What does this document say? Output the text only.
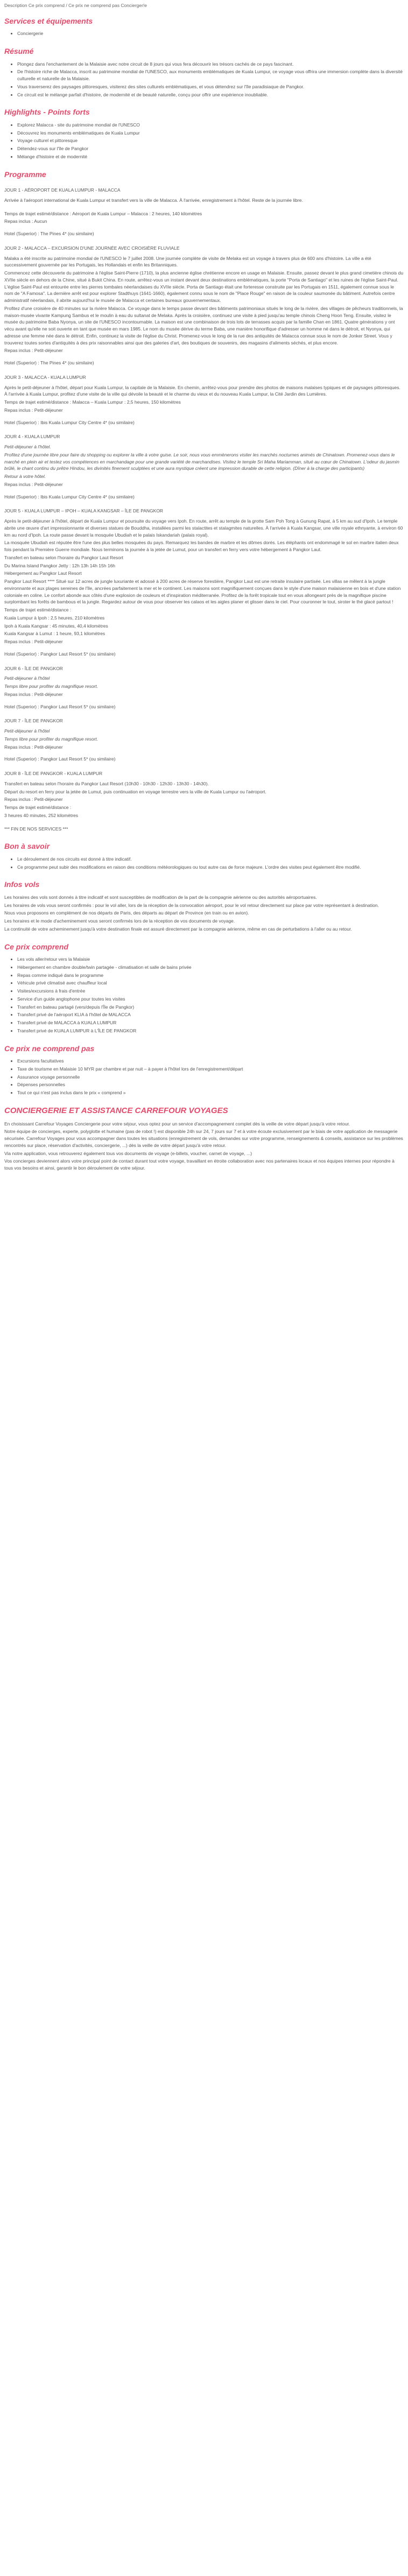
Description Ce prix comprend / Ce prix ne comprend pas Concierger!e

Services et équipements
• Conciergerie
Résumé
• Plongez dans l'enchantement de la Malaisie avec notre circuit de 8 jours qui vous fera découvrir les trésors cachés de ce pays fascinant.
• De l'histoire riche de Malacca, inscrit au patrimoine mondial de l'UNESCO, aux monuments emblématiques de Kuala Lumpur, ce voyage vous offrira une immersion complète dans la diversité culturelle et naturelle de la Malaisie.
• Vous traverserez des paysages pittoresques, visiterez des sites culturels emblématiques, et vous détendrez sur l'île paradisiaque de Pangkor.
• Ce circuit est le mélange parfait d'histoire, de modernité et de beauté naturelle, conçu pour offrir une expérience inoubliable.
Highlights - Points forts
• Explorez Malacca - site du patrimoine mondial de l'UNESCO
• Découvrez les monuments emblématiques de Kuala Lumpur
• Voyage culturel et pittoresque
• Détendez-vous sur l'île de Pangkor
• Mélange d'histoire et de modernité
Programme

JOUR 1 - AÉROPORT DE KUALA LUMPUR - MALACCA

Arrivée à l'aéroport international de Kuala Lumpur et transfert vers la ville de Malacca. À l'arrivée, enregistrement à l'hôtel. Reste de la journée libre.

Temps de trajet estimé/distance : Aéroport de Kuala Lumpur – Malacca : 2 heures, 140 kilomètres

Repas inclus : Aucun

Hotel (Superior) : The Pines 4* (ou similaire)

JOUR 2 - MALACCA – EXCURSION D'UNE JOURNÉE AVEC CROISIÈRE FLUVIALE

Malaka a été inscrite au patrimoine mondial de l'UNESCO le 7 juillet 2008. Une journée complète de visite de Melaka est un voyage à travers plus de 600 ans d'histoire. La ville a été successivement gouvernée par les Portugais, les Hollandais et enfin les Britanniques.

Commencez cette découverte du patrimoine à l'église Saint-Pierre (1710), la plus ancienne église chrétienne encore en usage en Malaisie. Ensuite, passez devant le plus grand cimetière chinois du XVIIe siècle en dehors de la Chine, situé à Bukit China. En route, arrêtez-vous un instant devant deux destinations emblématiques, la porte "Porta de Santiago" et les ruines de l'église Saint-Paul. L'église Saint-Paul est entourée entre les pierres tombales néerlandaises du XVIIe siècle. Porta de Santiago était une forteresse construite par les Portugais en 1511, également connue sous le nom de "A Famosa". La dernière arrêt est pour explorer Stadthuys (1641-1660), également connu sous le nom de "Place Rouge" en raison de la couleur saumonée du bâtiment. Autrefois centre administratif néerlandais, il abrite aujourd'hui le musée de Malacca et certaines bureaux gouvernementaux.

Profitez d'une croisière de 40 minutes sur la rivière Malacca. Ce voyage dans le temps passe devant des bâtiments patrimoniaux situés le long de la rivière, des villages de pêcheurs traditionnels, la maison-musée vivante Kampung Sambus et le moulin à eau du sultanat de Melaka. Après la croisière, continuez une visite à pied jusqu'au temple chinois Cheng Hoon Teng. Ensuite, visitez le musée du patrimoine Baba Nyonya, un site de l'UNESCO incontournable. La maison est une combinaison de trois lots de terrasses acquis par la famille Chan en 1861. Quatre générations y ont vécu avant qu'elle ne soit ouverte en tant que musée en mars 1985. Le nom du musée dérive du terme Baba, une manière honorifique d'adresser un homme né dans le détroit, et Nyonya, qui adresse une femme née dans le détroit. Enfin, continuez la visite de l'église du Christ. Promenez-vous le long de la rue des antiquités de Malacca connue sous le nom de Jonker Street. Vous y trouverez toutes sortes d'antiquités à des prix raisonnables ainsi que des galeries d'art, des boutiques de souvenirs, des magasins d'aliments séchés, et plus encore.

Repas inclus : Petit-déjeuner

Hotel (Superior) : The Pines 4* (ou similaire)

JOUR 3 - MALACCA - KUALA LUMPUR

Après le petit-déjeuner à l'hôtel, départ pour Kuala Lumpur, la capitale de la Malaisie. En chemin, arrêtez-vous pour prendre des photos de maisons malaises typiques et de paysages pittoresques. À l'arrivée à Kuala Lumpur, profitez d'une visite de la ville qui dévoile la beauté et le charme du vieux et du nouveau Kuala Lumpur, la Cité Jardin des Lumières.

Temps de trajet estimé/distance : Malacca – Kuala Lumpur : 2,5 heures, 150 kilomètres

Repas inclus : Petit-déjeuner

Hotel (Superior) : Ibis Kuala Lumpur City Centre 4* (ou similaire)

JOUR 4 - KUALA LUMPUR

Petit-déjeuner à l'hôtel.

Profitez d'une journée libre pour faire du shopping ou explorer la ville à votre guise. Le soir, nous vous emmènerons visiter les marchés nocturnes animés de Chinatown. Promenez-vous dans le marché en plein air et testez vos compétences en marchandage pour une grande variété de marchandises. Visitez le temple Sri Maha Mariamman, situé au cœur de Chinatown. L'odeur du jasmin brûlé, le chant continu du prêtre Hindou, les divinités finement sculptées et une aura mystique créent une impression durable de cette religion. (Dîner à la charge des participants)

Retour à votre hôtel.

Repas inclus : Petit-déjeuner

Hotel (Superior) : Ibis Kuala Lumpur City Centre 4* (ou similaire)

JOUR 5 - KUALA LUMPUR – IPOH – KUALA KANGSAR – ÎLE DE PANGKOR

Après le petit-déjeuner à l'hôtel, départ de Kuala Lumpur et poursuite du voyage vers Ipoh. En route, arrêt au temple de la grotte Sam Poh Tong à Gunung Rapat, à 5 km au sud d'Ipoh. Le temple abrite une œuvre d'art impressionnante et diverses statues de Bouddha, installées parmi les stalactites et stalagmites naturelles. À l'arrivée à Kuala Kangsar, une ville royale ethnyante, à environ 60 km au nord d'Ipoh. La route passe devant la mosquée Ubudiah et le palais Iskandariah (palais royal).

La mosquée Ubudiah est réputée être l'une des plus belles mosquées du pays. Remarquez les bandes de marbre et les dômes dorés. Les éléphants ont endommagé le sol en marbre italien deux fois pendant la Première Guerre mondiale. Nous terminons la journée à la jetée de Lumut, pour un transfert en ferry vers votre hébergement à Pangkor Laut.

Transfert en bateau selon l'horaire du Pangkor Laut Resort

Du Marina Island Pangkor Jetty : 12h 13h 14h 15h 16h

Hébergement au Pangkor Laut Resort

Pangkor Laut Resort **** Situé sur 12 acres de jungle luxuriante et adossé à 200 acres de réserve forestière, Pangkor Laut est une retraite insulaire partisée. Les villas se mêlent à la jungle environnante et aux plages sereines de l'île, ancrées parfaitement la mer et le continent. Les maisons sont magnifiquement conçues dans le style d'une maison malaisienne en bois et d'une station coloniale en coline. Le confort abonde aux côtés d'une explosion de couleurs et d'inspiration méditerranée. Profitez de la forêt tropicale tout en vous allongeant près de la magnifique piscine surplombant les forêts de bambous et la jungle. Regardez autour de vous pour observer les calaos et les aigles planer et glisser dans le ciel. Pour couronner le tout, siroter le thé glacé partout !

Temps de trajet estimé/distance :

Kuala Lumpur à Ipoh : 2,5 heures, 210 kilomètres

Ipoh à Kuala Kangsar : 45 minutes, 40,4 kilomètres

Kuala Kangsar à Lumut : 1 heure, 93,1 kilomètres

Repas inclus : Petit-déjeuner

Hotel (Superior) : Pangkor Laut Resort 5* (ou similaire)

JOUR 6 - ÎLE DE PANGKOR

Petit-déjeuner à l'hôtel

Temps libre pour profiter du magnifique resort.

Repas inclus : Petit-déjeuner

Hotel (Superior) : Pangkor Laut Resort 5* (ou similaire)

JOUR 7 - ÎLE DE PANGKOR

Petit-déjeuner à l'hôtel

Temps libre pour profiter du magnifique resort.

Repas inclus : Petit-déjeuner

Hotel (Superior) : Pangkor Laut Resort 5* (ou similaire)

JOUR 8 - ÎLE DE PANGKOR - KUALA LUMPUR

Transfert en bateau selon l'horaire du Pangkor Laut Resort (10h30 - 10h30 - 12h30 - 13h30 - 14h30).

Départ du resort en ferry pour la jetée de Lumut, puis continuation en voyage terrestre vers la ville de Kuala Lumpur ou l'aéroport.

Repas inclus : Petit-déjeuner

Temps de trajet estimé/distance :

3 heures 40 minutes, 252 kilomètres

*** FIN DE NOS SERVICES ***

Bon à savoir
• Le déroulement de nos circuits est donné à titre indicatif.
• Ce programme peut subir des modifications en raison des conditions météorologiques ou tout autre cas de force majeure. L'ordre des visites peut également être modifié.
Infos vols

Les horaires des vols sont donnés à titre indicatif et sont susceptibles de modification de la part de la compagnie aérienne ou des autorités aéroportuaires.

Les horaires de vols vous seront confirmés : pour le vol aller, lors de la réception de la convocation aéroport, pour le vol retour directement sur place par votre représentant à destination.

Nous vous proposons en complément de nos départs de Paris, des départs au départ de Province (en train ou en avion).

Les horaires et le mode d'acheminement vous seront confirmés lors de la réception de vos documents de voyage.

La continuité de votre acheminement jusqu'à votre destination finale est assuré directement par la compagnie aérienne, même en cas de perturbations à l'aller ou au retour.

Ce prix comprend
• Les vols aller/retour vers la Malaisie
• Hébergement en chambre double/twin partagée - climatisation et salle de bains privée
• Repas comme indiqué dans le programme
• Véhicule privé climatisé avec chauffeur local
• Visites/excursions à frais d'entrée
• Service d'un guide anglophone pour toutes les visites
• Transfert en bateau partagé (vers/depuis l'Île de Pangkor)
• Transfert privé de l'aéroport KLIA à l'hôtel de MALACCA
• Transfert privé de MALACCA à KUALA LUMPUR
• Transfert privé de KUALA LUMPUR à L'ÎLE DE PANGKOR
Ce prix ne comprend pas
• Excursions facultatives
• Taxe de tourisme en Malaisie 10 MYR par chambre et par nuit – à payer à l'hôtel lors de l'enregistrement/départ
• Assurance voyage personnelle
• Dépenses personnelles
• Tout ce qui n'est pas inclus dans le prix « comprend »
CONCIERGERIE ET ASSISTANCE CARREFOUR VOYAGES

En choisissant Carrefour Voyages Conciergerie pour votre séjour, vous optez pour un service d'accompagnement complet dès la veille de votre départ jusqu'à votre retour.

Notre équipe de concierges, experte, polyglotte et humaine (pas de robot !) est disponible 24h sur 24, 7 jours sur 7 et à votre écoute exclusivement par le biais de votre application de messagerie sécurisée. Carrefour Voyages pour vous accompagner dans toutes les situations (enregistrement de vols, demandes sur votre programme, renseignements & conseils, assistance sur les problèmes rencontrés sur place, réservation d'activités, conciergerie, ...) dès la veille de votre départ jusqu'à votre retour.

Via notre application, vous retrouverez également tous vos documents de voyage (e-billets, voucher, carnet de voyage, ...)

Vos concierges deviennent alors votre principal point de contact durant tout votre voyage, travaillant en étroite collaboration avec nos partenaires locaux et nos équipes internes pour répondre à tous vos besoins et ainsi, garantir le bon déroulement de votre séjour.
